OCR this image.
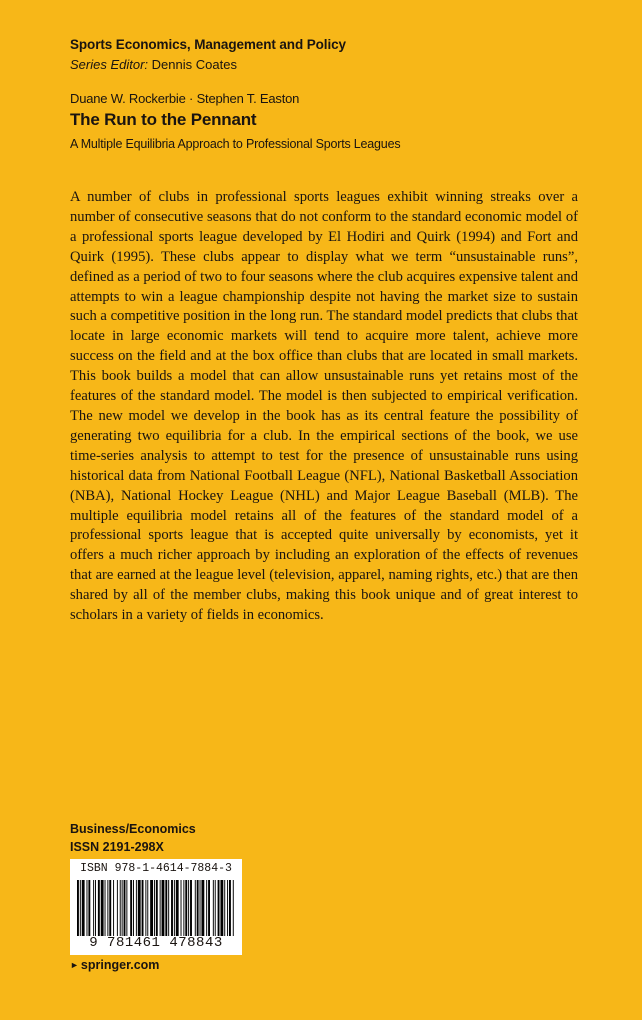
Sports Economics, Management and Policy
Series Editor: Dennis Coates
Duane W. Rockerbie · Stephen T. Easton
The Run to the Pennant
A Multiple Equilibria Approach to Professional Sports Leagues

A number of clubs in professional sports leagues exhibit winning streaks over a number of consecutive seasons that do not conform to the standard economic model of a professional sports league developed by El Hodiri and Quirk (1994) and Fort and Quirk (1995). These clubs appear to display what we term “unsustainable runs”, defined as a period of two to four seasons where the club acquires expensive talent and attempts to win a league championship despite not having the market size to sustain such a competitive position in the long run. The standard model predicts that clubs that locate in large economic markets will tend to acquire more talent, achieve more success on the field and at the box office than clubs that are located in small markets. This book builds a model that can allow unsustainable runs yet retains most of the features of the standard model. The model is then subjected to empirical verification. The new model we develop in the book has as its central feature the possibility of generating two equilibria for a club. In the empirical sections of the book, we use time-series analysis to attempt to test for the presence of unsustainable runs using historical data from National Football League (NFL), National Basketball Association (NBA), National Hockey League (NHL) and Major League Baseball (MLB). The multiple equilibria model retains all of the features of the standard model of a professional sports league that is accepted quite universally by economists, yet it offers a much richer approach by including an exploration of the effects of revenues that are earned at the league level (television, apparel, naming rights, etc.) that are then shared by all of the member clubs, making this book unique and of great interest to scholars in a variety of fields in economics.

Business/Economics
ISSN 2191-298X
ISBN 978-1-4614-7884-3
9 781461 478843
► springer.com
